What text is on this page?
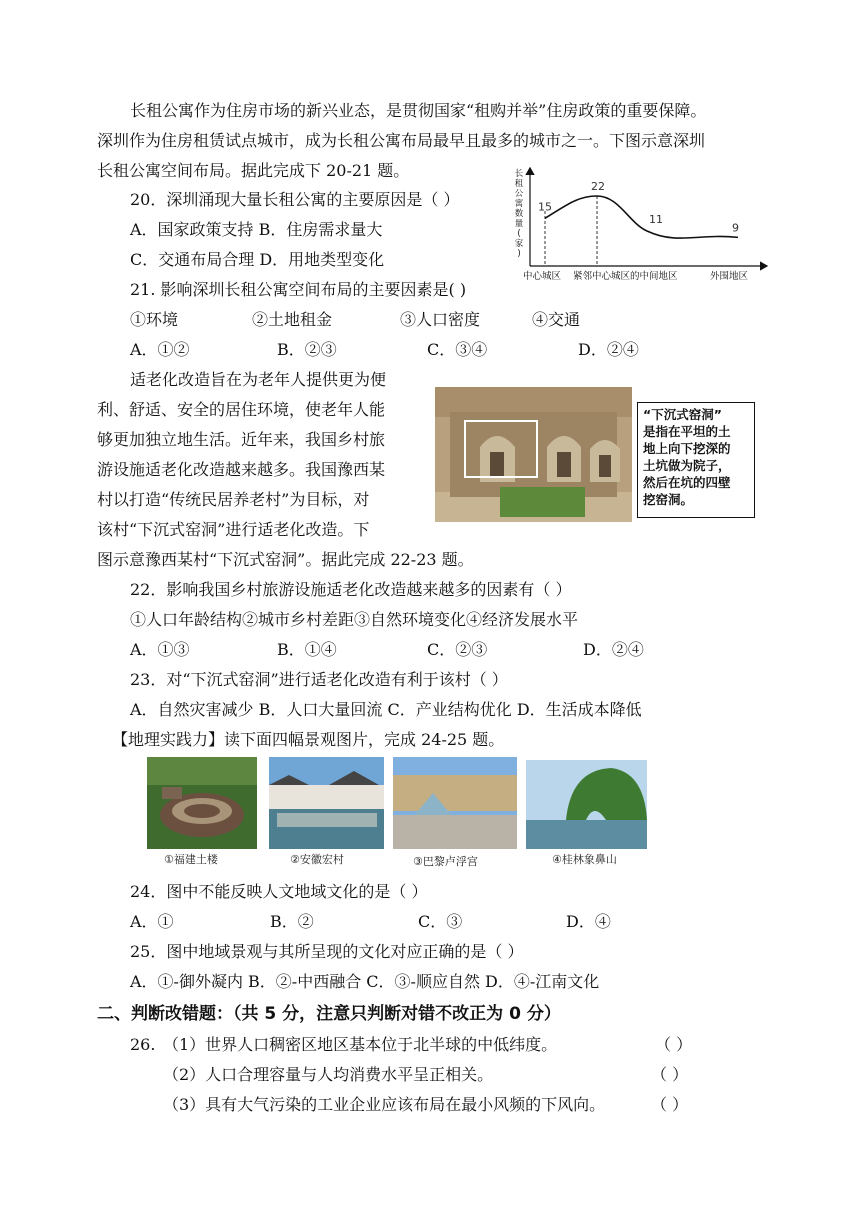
长租公寓作为住房市场的新兴业态，是贯彻国家“租购并举”住房政策的重要保障。
深圳作为住房租赁试点城市，成为长租公寓布局最早且最多的城市之一。下图示意深圳
长租公寓空间布局。据此完成下 20-21 题。
20．深圳涌现大量长租公寓的主要原因是（ ）
A．国家政策支持 B．住房需求量大
C．交通布局合理 D．用地类型变化
21. 影响深圳长租公寓空间布局的主要因素是( )
①环境	②土地租金	③人口密度	④交通
A．①②	B．②③	C．③④	D．②④
长
租
公
寓
数
量
(
家
)
15
22
11
9
中心城区 紧邻中心城区的中间地区	外围地区
适老化改造旨在为老年人提供更为便
利、舒适、安全的居住环境，使老年人能
够更加独立地生活。近年来，我国乡村旅
游设施适老化改造越来越多。我国豫西某
村以打造“传统民居养老村”为目标，对
该村“下沉式窑洞”进行适老化改造。下
图示意豫西某村“下沉式窑洞”。据此完成 22-23 题。
“下沉式窑洞”
是指在平坦的土
地上向下挖深的
土坑做为院子，
然后在坑的四壁
挖窑洞。
22．影响我国乡村旅游设施适老化改造越来越多的因素有（ ）
①人口年龄结构②城市乡村差距③自然环境变化④经济发展水平
A．①③	B．①④	C．②③	D．②④
23．对“下沉式窑洞”进行适老化改造有利于该村（ ）
A．自然灾害减少 B．人口大量回流 C．产业结构优化 D．生活成本降低
【地理实践力】读下面四幅景观图片，完成 24-25 题。
①福建土楼	②安徽宏村	③巴黎卢浮宫	④桂林象鼻山
24．图中不能反映人文地域文化的是（ ）
A．①	B．②	C．③	D．④
25．图中地域景观与其所呈现的文化对应正确的是（ ）
A．①-御外凝内 B．②-中西融合 C．③-顺应自然 D．④-江南文化
二、判断改错题：（共 5 分，注意只判断对错不改正为 0 分）
26. （1）世界人口稠密区地区基本位于北半球的中低纬度。	（ ）
（2）人口合理容量与人均消费水平呈正相关。	（ ）
（3）具有大气污染的工业企业应该布局在最小风频的下风向。	（ ）
